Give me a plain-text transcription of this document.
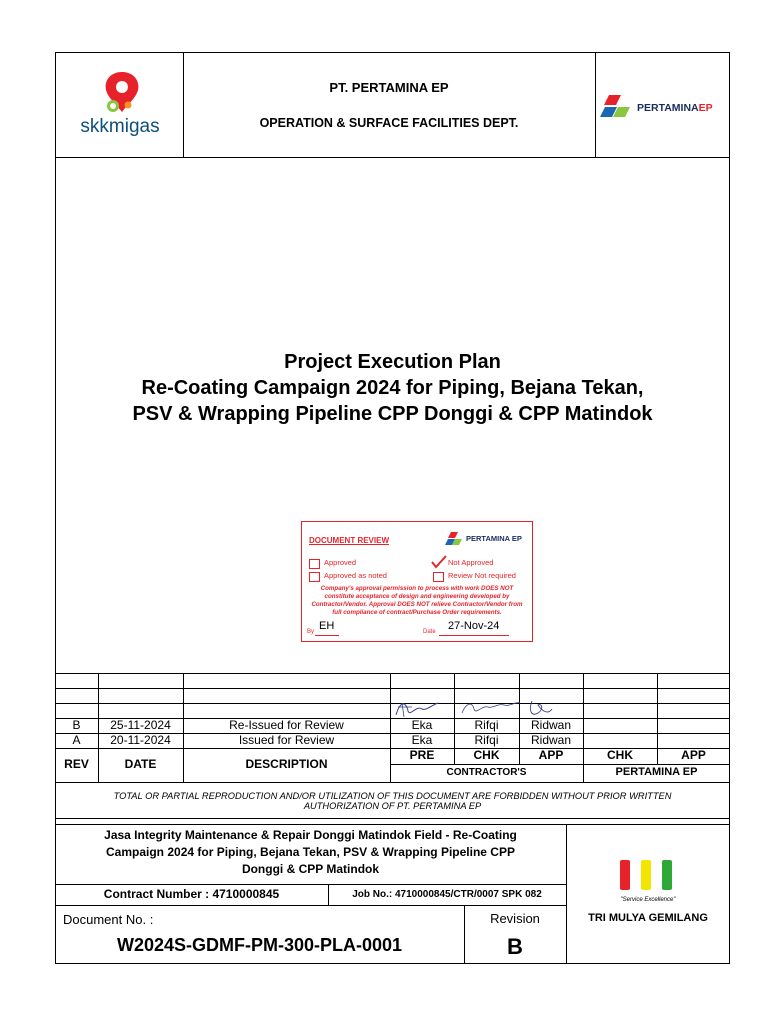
skkmigas
PT. PERTAMINA EP
OPERATION & SURFACE FACILITIES DEPT.
PERTAMINAEP
Project Execution Plan
Re-Coating Campaign 2024 for Piping, Bejana Tekan,
PSV & Wrapping Pipeline CPP Donggi & CPP Matindok
DOCUMENT REVIEW	PERTAMINA EP
Approved
Approved as noted
Not Approved
Review Not required
Company's approval permission to process with work DOES NOT constitute acceptance of design and engineering developed by Contractor/Vendor. Approval DOES NOT relieve Contractor/Vendor from full compliance of contract/Purchase Order requirements.
By EH	Date 27-Nov-24
B	25-11-2024	Re-Issued for Review	Eka	Rifqi	Ridwan
A	20-11-2024	Issued for Review	Eka	Rifqi	Ridwan
REV	DATE	DESCRIPTION
PRE	CHK	APP	CHK	APP
CONTRACTOR'S	PERTAMINA EP
TOTAL OR PARTIAL REPRODUCTION AND/OR UTILIZATION OF THIS DOCUMENT ARE FORBIDDEN WITHOUT PRIOR WRITTEN AUTHORIZATION OF PT. PERTAMINA EP
Jasa Integrity Maintenance & Repair Donggi Matindok Field - Re-Coating
Campaign 2024 for Piping, Bejana Tekan, PSV & Wrapping Pipeline CPP
Donggi & CPP Matindok
Contract Number : 4710000845	Job No.: 4710000845/CTR/0007 SPK 082
Document No. :
W2024S-GDMF-PM-300-PLA-0001
Revision
B
"Service Excellence"
TRI MULYA GEMILANG
